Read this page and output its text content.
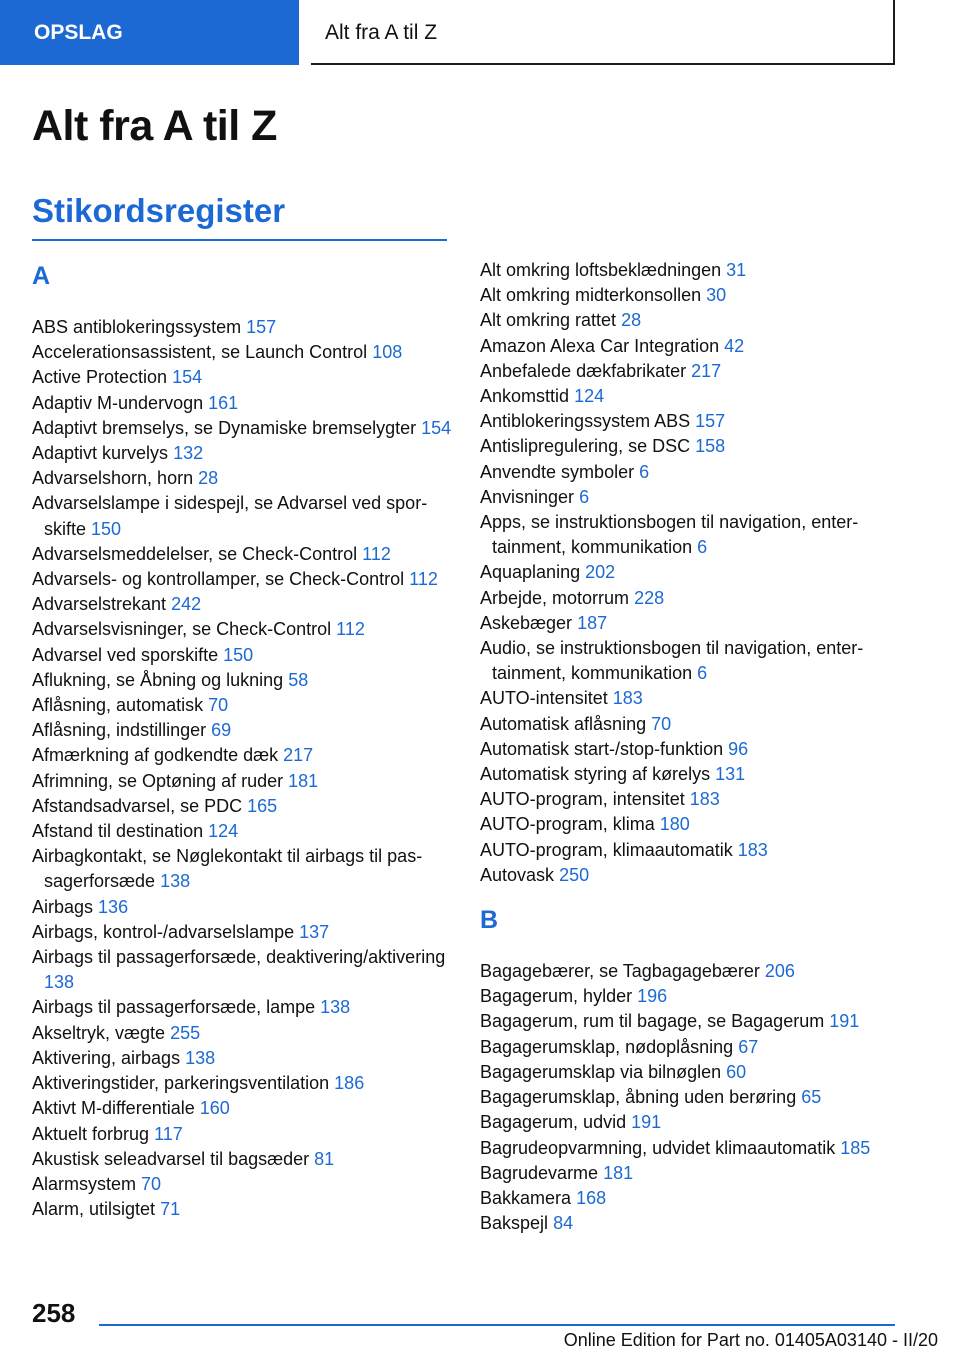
OPSLAG	Alt fra A til Z
Alt fra A til Z
Stikordsregister
A
ABS antiblokeringssystem 157
Accelerationsassistent, se Launch Control 108
Active Protection 154
Adaptiv M-undervogn 161
Adaptivt bremselys, se Dynamiske bremselygter 154
Adaptivt kurvelys 132
Advarselshorn, horn 28
Advarselslampe i sidespejl, se Advarsel ved sporskifte 150
Advarselsmeddelelser, se Check-Control 112
Advarsels- og kontrollamper, se Check-Control 112
Advarselstrekant 242
Advarselsvisninger, se Check-Control 112
Advarsel ved sporskifte 150
Aflukning, se Åbning og lukning 58
Aflåsning, automatisk 70
Aflåsning, indstillinger 69
Afmærkning af godkendte dæk 217
Afrimning, se Optøning af ruder 181
Afstandsadvarsel, se PDC 165
Afstand til destination 124
Airbagkontakt, se Nøglekontakt til airbags til passagerforsæde 138
Airbags 136
Airbags, kontrol-/advarselslampe 137
Airbags til passagerforsæde, deaktivering/aktivering 138
Airbags til passagerforsæde, lampe 138
Akseltryk, vægte 255
Aktivering, airbags 138
Aktiveringstider, parkeringsventilation 186
Aktivt M-differentiale 160
Aktuelt forbrug 117
Akustisk seleadvarsel til bagsæder 81
Alarmsystem 70
Alarm, utilsigtet 71
Alt omkring loftsbeklædningen 31
Alt omkring midterkonsollen 30
Alt omkring rattet 28
Amazon Alexa Car Integration 42
Anbefalede dækfabrikater 217
Ankomsttid 124
Antiblokeringssystem ABS 157
Antislipregulering, se DSC 158
Anvendte symboler 6
Anvisninger 6
Apps, se instruktionsbogen til navigation, entertainment, kommunikation 6
Aquaplaning 202
Arbejde, motorrum 228
Askebæger 187
Audio, se instruktionsbogen til navigation, entertainment, kommunikation 6
AUTO-intensitet 183
Automatisk aflåsning 70
Automatisk start-/stop-funktion 96
Automatisk styring af kørelys 131
AUTO-program, intensitet 183
AUTO-program, klima 180
AUTO-program, klimaautomatik 183
Autovask 250
B
Bagagebærer, se Tagbagagebærer 206
Bagagerum, hylder 196
Bagagerum, rum til bagage, se Bagagerum 191
Bagagerumsklap, nødoplåsning 67
Bagagerumsklap via bilnøglen 60
Bagagerumsklap, åbning uden berøring 65
Bagagerum, udvid 191
Bagrudeopvarmning, udvidet klimaautomatik 185
Bagrudevarme 181
Bakkamera 168
Bakspejl 84
258
Online Edition for Part no. 01405A03140 - II/20
